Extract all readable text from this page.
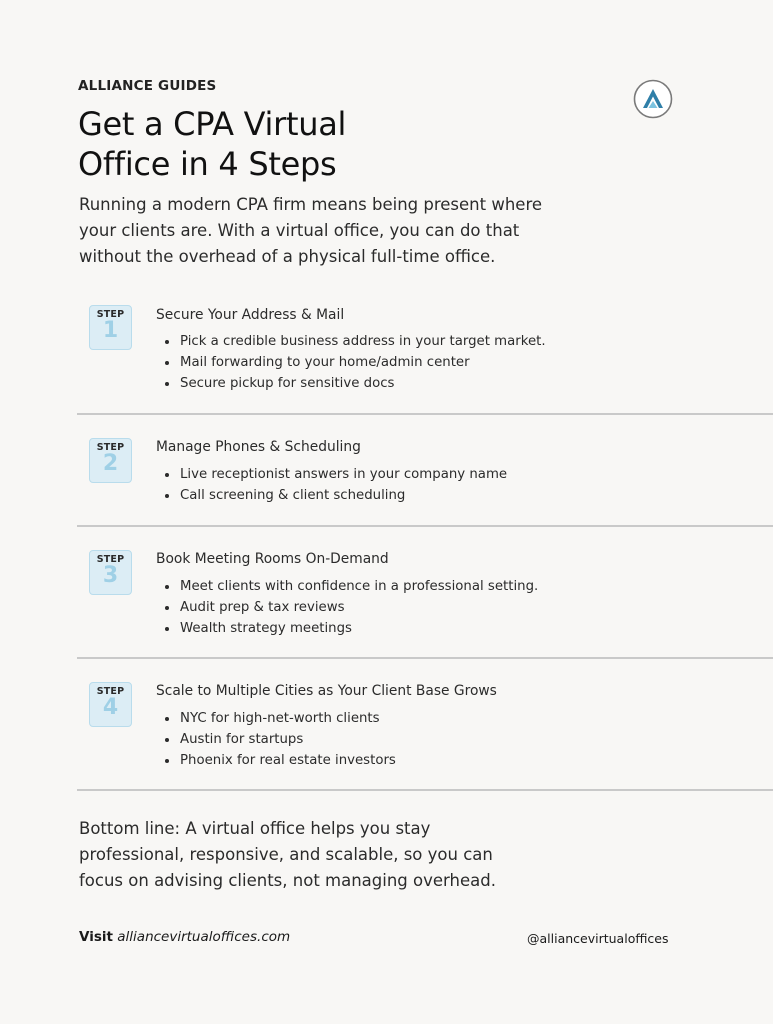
ALLIANCE GUIDES
Get a CPA Virtual
Office in 4 Steps

Running a modern CPA firm means being present where your clients are. With a virtual office, you can do that without the overhead of a physical full-time office.

STEP
1
Secure Your Address & Mail
Pick a credible business address in your target market.
Mail forwarding to your home/admin center
Secure pickup for sensitive docs
STEP
2
Manage Phones & Scheduling
Live receptionist answers in your company name
Call screening & client scheduling
STEP
3
Book Meeting Rooms On-Demand
Meet clients with confidence in a professional setting.
Audit prep & tax reviews
Wealth strategy meetings
STEP
4
Scale to Multiple Cities as Your Client Base Grows
NYC for high-net-worth clients
Austin for startups
Phoenix for real estate investors

Bottom line: A virtual office helps you stay professional, responsive, and scalable, so you can focus on advising clients, not managing overhead.

Visit alliancevirtualoffices.com	@alliancevirtualoffices
